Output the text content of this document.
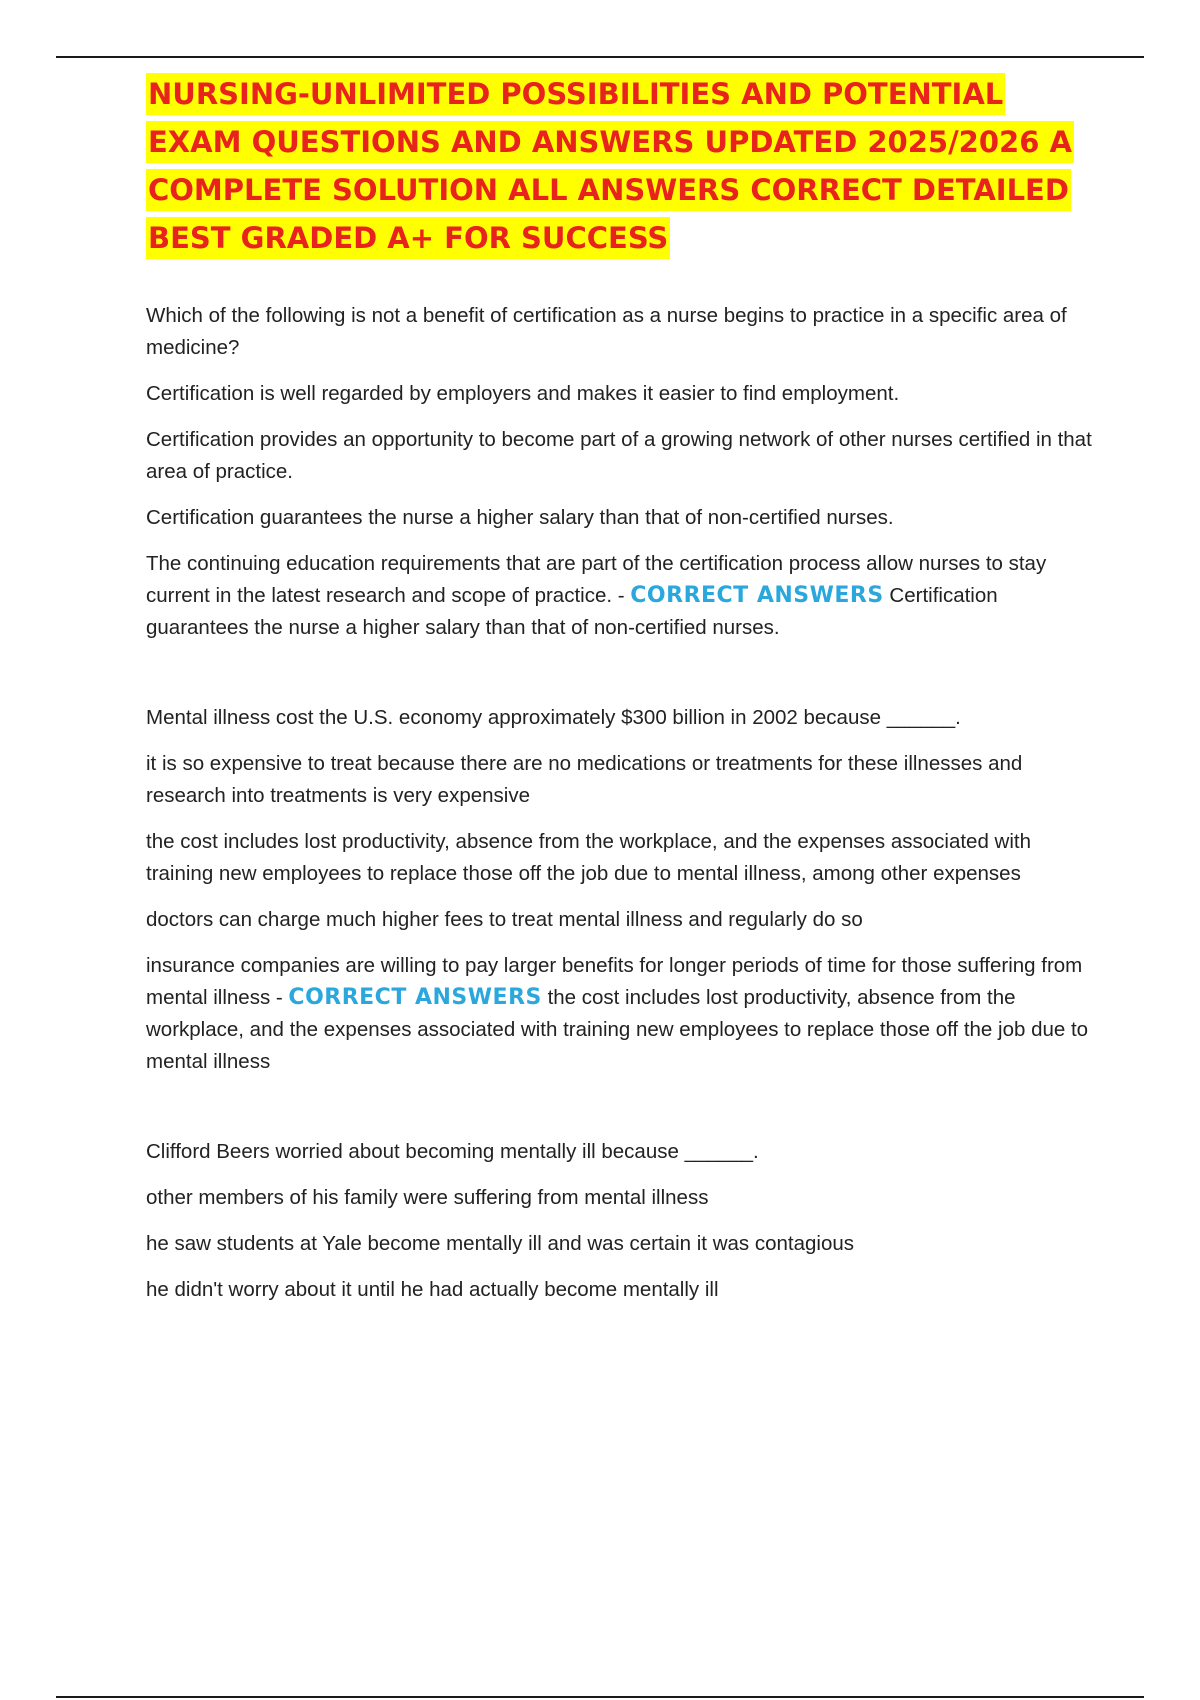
NURSING-UNLIMITED POSSIBILITIES AND POTENTIAL EXAM QUESTIONS AND ANSWERS UPDATED 2025/2026 A COMPLETE SOLUTION ALL ANSWERS CORRECT DETAILED BEST GRADED A+ FOR SUCCESS

Which of the following is not a benefit of certification as a nurse begins to practice in a specific area of medicine?

Certification is well regarded by employers and makes it easier to find employment.

Certification provides an opportunity to become part of a growing network of other nurses certified in that area of practice.

Certification guarantees the nurse a higher salary than that of non-certified nurses.

The continuing education requirements that are part of the certification process allow nurses to stay current in the latest research and scope of practice. - CORRECT ANSWERS Certification guarantees the nurse a higher salary than that of non-certified nurses.

Mental illness cost the U.S. economy approximately $300 billion in 2002 because ______.

it is so expensive to treat because there are no medications or treatments for these illnesses and research into treatments is very expensive

the cost includes lost productivity, absence from the workplace, and the expenses associated with training new employees to replace those off the job due to mental illness, among other expenses

doctors can charge much higher fees to treat mental illness and regularly do so

insurance companies are willing to pay larger benefits for longer periods of time for those suffering from mental illness - CORRECT ANSWERS the cost includes lost productivity, absence from the workplace, and the expenses associated with training new employees to replace those off the job due to mental illness

Clifford Beers worried about becoming mentally ill because ______.

other members of his family were suffering from mental illness

he saw students at Yale become mentally ill and was certain it was contagious

he didn't worry about it until he had actually become mentally ill
